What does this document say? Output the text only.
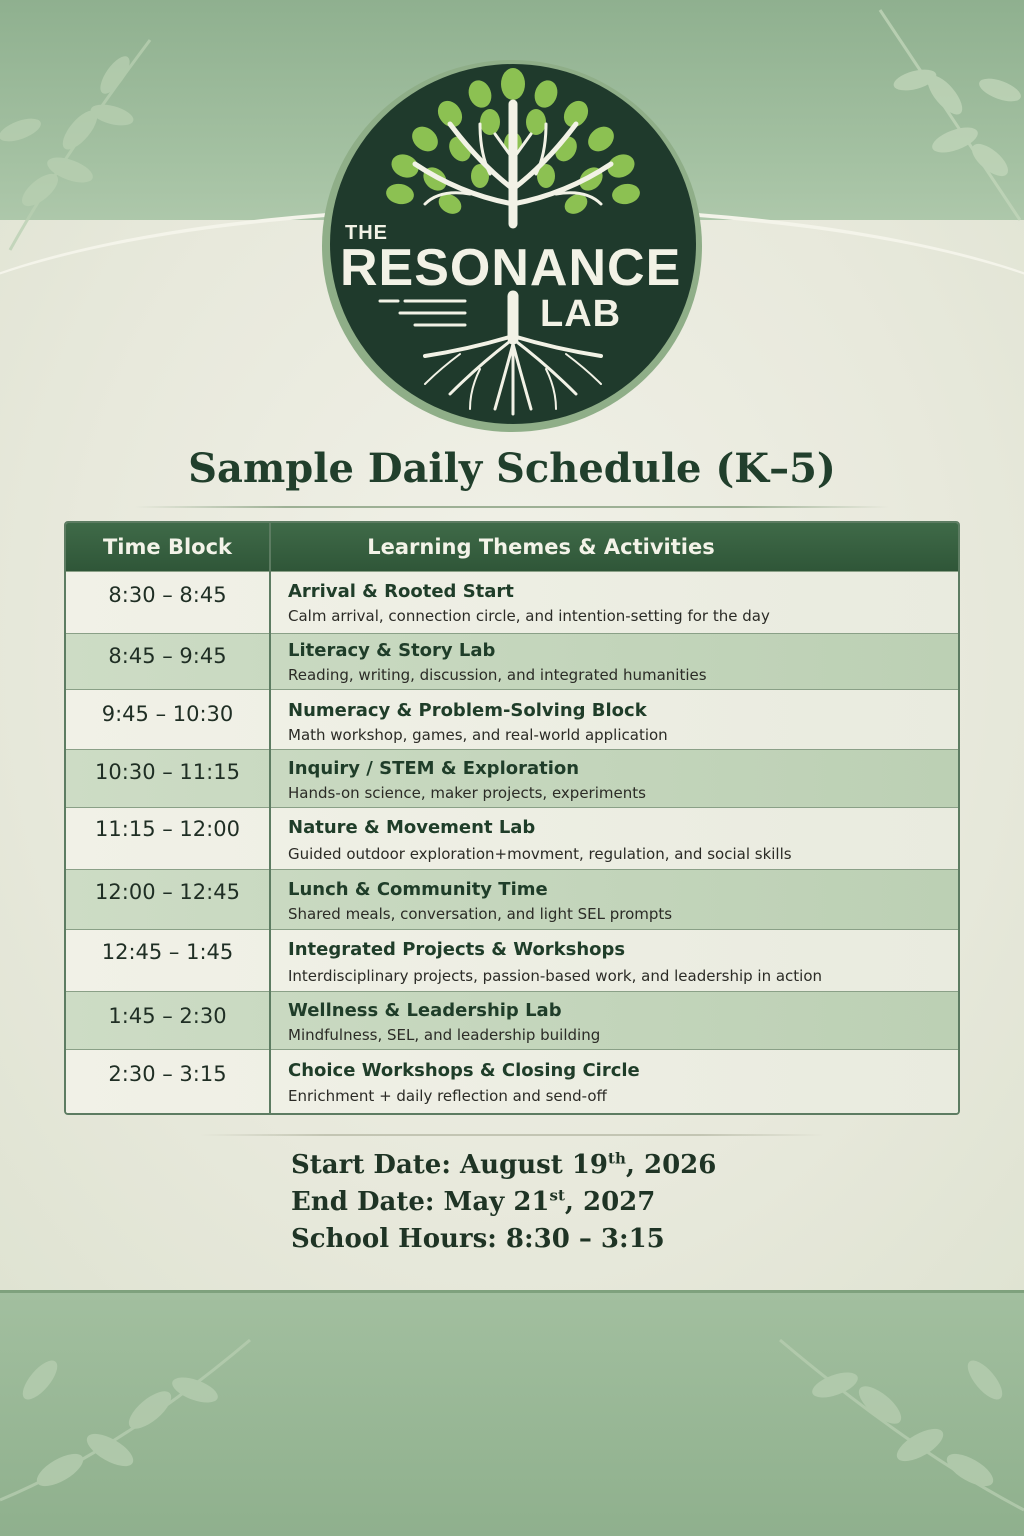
THE
RESONANCE
LAB
Sample Daily Schedule (K–5)
Time Block	Learning Themes & Activities
8:30 – 8:45	Arrival & Rooted Start
Calm arrival, connection circle, and intention-setting for the day
8:45 – 9:45	Literacy & Story Lab
Reading, writing, discussion, and integrated humanities
9:45 – 10:30	Numeracy & Problem-Solving Block
Math workshop, games, and real-world application
10:30 – 11:15	Inquiry / STEM & Exploration
Hands-on science, maker projects, experiments
11:15 – 12:00	Nature & Movement Lab
Guided outdoor exploration+movment, regulation, and social skills
12:00 – 12:45	Lunch & Community Time
Shared meals, conversation, and light SEL prompts
12:45 – 1:45	Integrated Projects & Workshops
Interdisciplinary projects, passion-based work, and leadership in action
1:45 – 2:30	Wellness & Leadership Lab
Mindfulness, SEL, and leadership building
2:30 – 3:15	Choice Workshops & Closing Circle
Enrichment + daily reflection and send-off
Start Date: August 19th, 2026
End Date: May 21st, 2027
School Hours: 8:30 – 3:15
